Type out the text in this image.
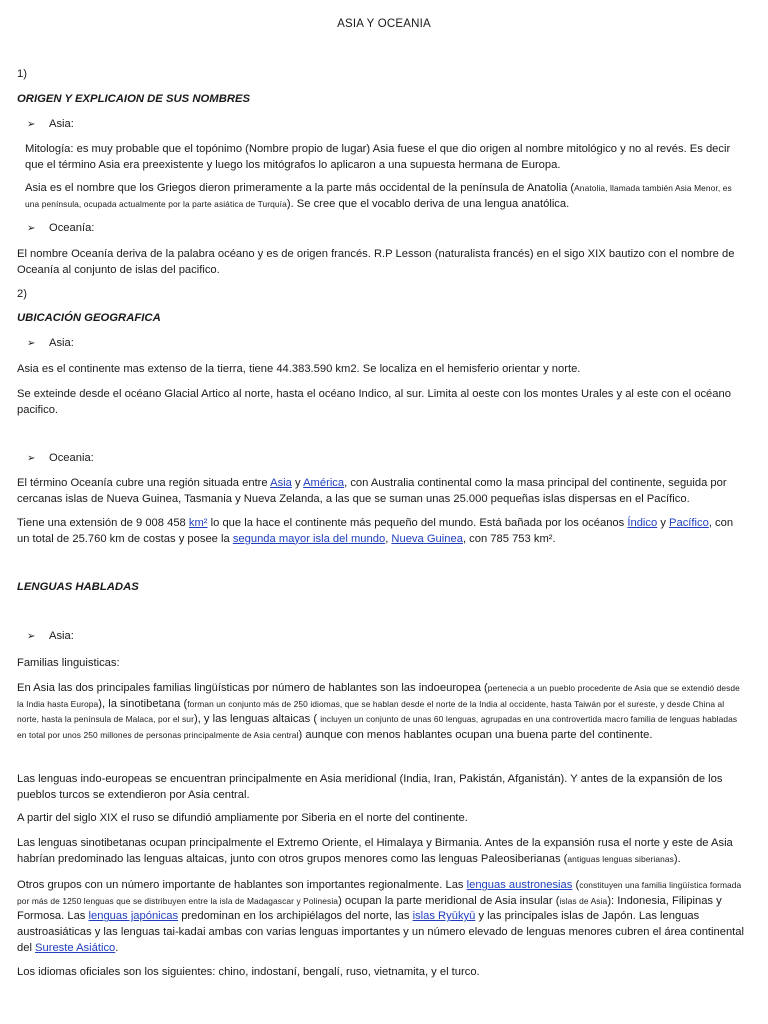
ASIA Y OCEANIA
1)
ORIGEN Y EXPLICAION DE SUS NOMBRES
➢ Asia:
Mitología: es muy probable que el topónimo (Nombre propio de lugar) Asia fuese el que dio origen al nombre mitológico y no al revés. Es decir que el término Asia era preexistente y luego los mitógrafos lo aplicaron a una supuesta hermana de Europa.
Asia es el nombre que los Griegos dieron primeramente a la parte más occidental de la península de Anatolia (Anatolia, llamada también Asia Menor, es una península, ocupada actualmente por la parte asiática de Turquía). Se cree que el vocablo deriva de una lengua anatólica.
➢ Oceanía:
El nombre Oceanía deriva de la palabra océano y es de origen francés. R.P Lesson (naturalista francés) en el sigo XIX bautizo con el nombre de Oceanía al conjunto de islas del pacifico.
2)
UBICACIÓN GEOGRAFICA
➢ Asia:
Asia es el continente mas extenso de la tierra, tiene 44.383.590 km2. Se localiza en el hemisferio orientar y norte.
Se exteinde desde el océano Glacial Artico al norte, hasta el océano Indico, al sur. Limita al oeste con los montes Urales y al este con el océano pacifico.
➢ Oceania:
El término Oceanía cubre una región situada entre Asia y América, con Australia continental como la masa principal del continente, seguida por cercanas islas de Nueva Guinea, Tasmania y Nueva Zelanda, a las que se suman unas 25.000 pequeñas islas dispersas en el Pacífico.
Tiene una extensión de 9 008 458 km² lo que la hace el continente más pequeño del mundo. Está bañada por los océanos Índico y Pacífico, con un total de 25.760 km de costas y posee la segunda mayor isla del mundo, Nueva Guinea, con 785 753 km².
LENGUAS HABLADAS
➢ Asia:
Familias linguisticas:
En Asia las dos principales familias lingüísticas por número de hablantes son las indoeuropea (pertenecia a un pueblo procedente de Asia que se extendió desde la India hasta Europa), la sinotibetana (forman un conjunto más de 250 idiomas, que se hablan desde el norte de la India al occidente, hasta Taiwán por el sureste, y desde China al norte, hasta la península de Malaca, por el sur), y las lenguas altaicas ( incluyen un conjunto de unas 60 lenguas, agrupadas en una controvertida macro familia de lenguas habladas en total por unos 250 millones de personas principalmente de Asia central) aunque con menos hablantes ocupan una buena parte del continente.
Las lenguas indo-europeas se encuentran principalmente en Asia meridional (India, Iran, Pakistán, Afganistán). Y antes de la expansión de los pueblos turcos se extendieron por Asia central.
A partir del siglo XIX el ruso se difundió ampliamente por Siberia en el norte del continente.
Las lenguas sinotibetanas ocupan principalmente el Extremo Oriente, el Himalaya y Birmania. Antes de la expansión rusa el norte y este de Asia habrían predominado las lenguas altaicas, junto con otros grupos menores como las lenguas Paleosiberianas (antiguas lenguas siberianas).
Otros grupos con un número importante de hablantes son importantes regionalmente. Las lenguas austronesias (constituyen una familia lingüística formada por más de 1250 lenguas que se distribuyen entre la isla de Madagascar y Polinesia) ocupan la parte meridional de Asia insular (islas de Asia): Indonesia, Filipinas y Formosa. Las lenguas japónicas predominan en los archipiélagos del norte, las islas Ryūkyū y las principales islas de Japón. Las lenguas austroasiáticas y las lenguas tai-kadai ambas con varias lenguas importantes y un número elevado de lenguas menores cubren el área continental del Sureste Asiático.
Los idiomas oficiales son los siguientes: chino, indostaní, bengalí, ruso, vietnamita, y el turco.
